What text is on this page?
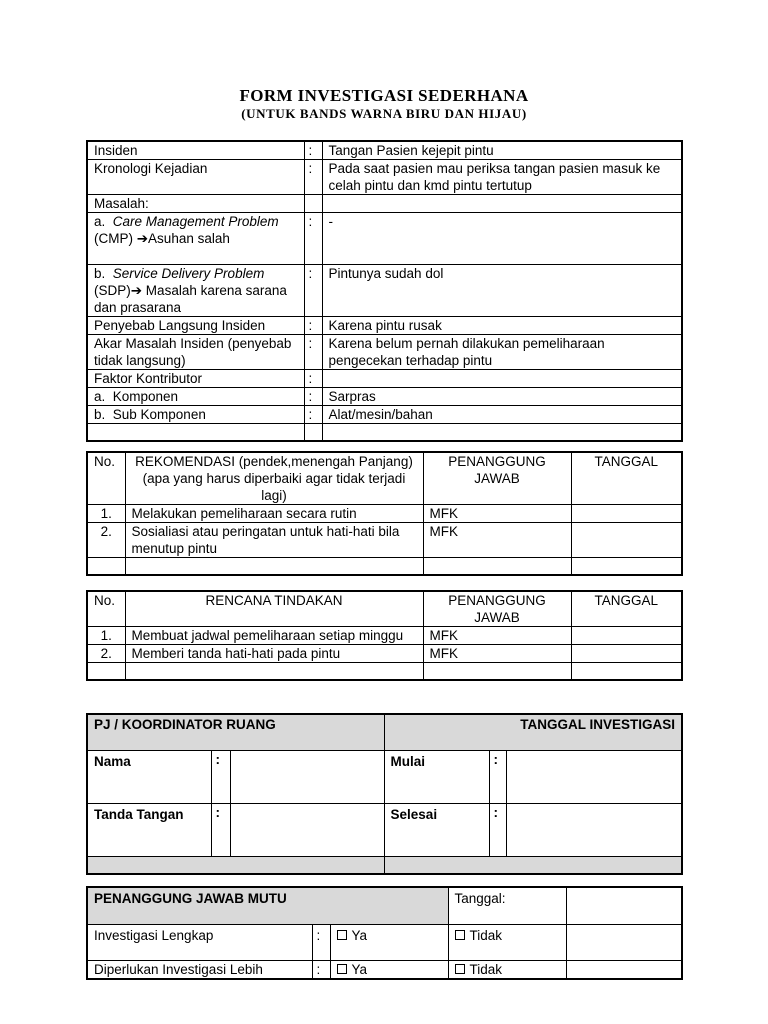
FORM INVESTIGASI SEDERHANA
(UNTUK BANDS WARNA BIRU DAN HIJAU)
Insiden	:	Tangan Pasien kejepit pintu
Kronologi Kejadian	:	Pada saat pasien mau periksa tangan pasien masuk ke celah pintu dan kmd pintu tertutup
Masalah:		
a. Care Management Problem (CMP) ➔Asuhan salah	:	-
b. Service Delivery Problem (SDP)➔ Masalah karena sarana dan prasarana	:	Pintunya sudah dol
Penyebab Langsung Insiden	:	Karena pintu rusak
Akar Masalah Insiden (penyebab tidak langsung)	:	Karena belum pernah dilakukan pemeliharaan pengecekan terhadap pintu
Faktor Kontributor	:	
a.  Komponen	:	Sarpras
b.  Sub Komponen	:	Alat/mesin/bahan

No.	REKOMENDASI (pendek,menengah Panjang) (apa yang harus diperbaiki agar tidak terjadi lagi)	PENANGGUNG JAWAB	TANGGAL
1.	Melakukan pemeliharaan secara rutin	MFK	
2.	Sosialiasi atau peringatan untuk hati-hati bila menutup pintu	MFK	

No.	RENCANA TINDAKAN	PENANGGUNG JAWAB	TANGGAL
1.	Membuat jadwal pemeliharaan setiap minggu	MFK	
2.	Memberi tanda hati-hati pada pintu	MFK	

PJ / KOORDINATOR RUANG			TANGGAL INVESTIGASI		
Nama	:		Mulai	:	
Tanda Tangan	:		Selesai	:	

PENANGGUNG JAWAB MUTU			Tanggal:	
Investigasi Lengkap	:	Ya	Tidak	
Diperlukan Investigasi Lebih	:	Ya	Tidak	
